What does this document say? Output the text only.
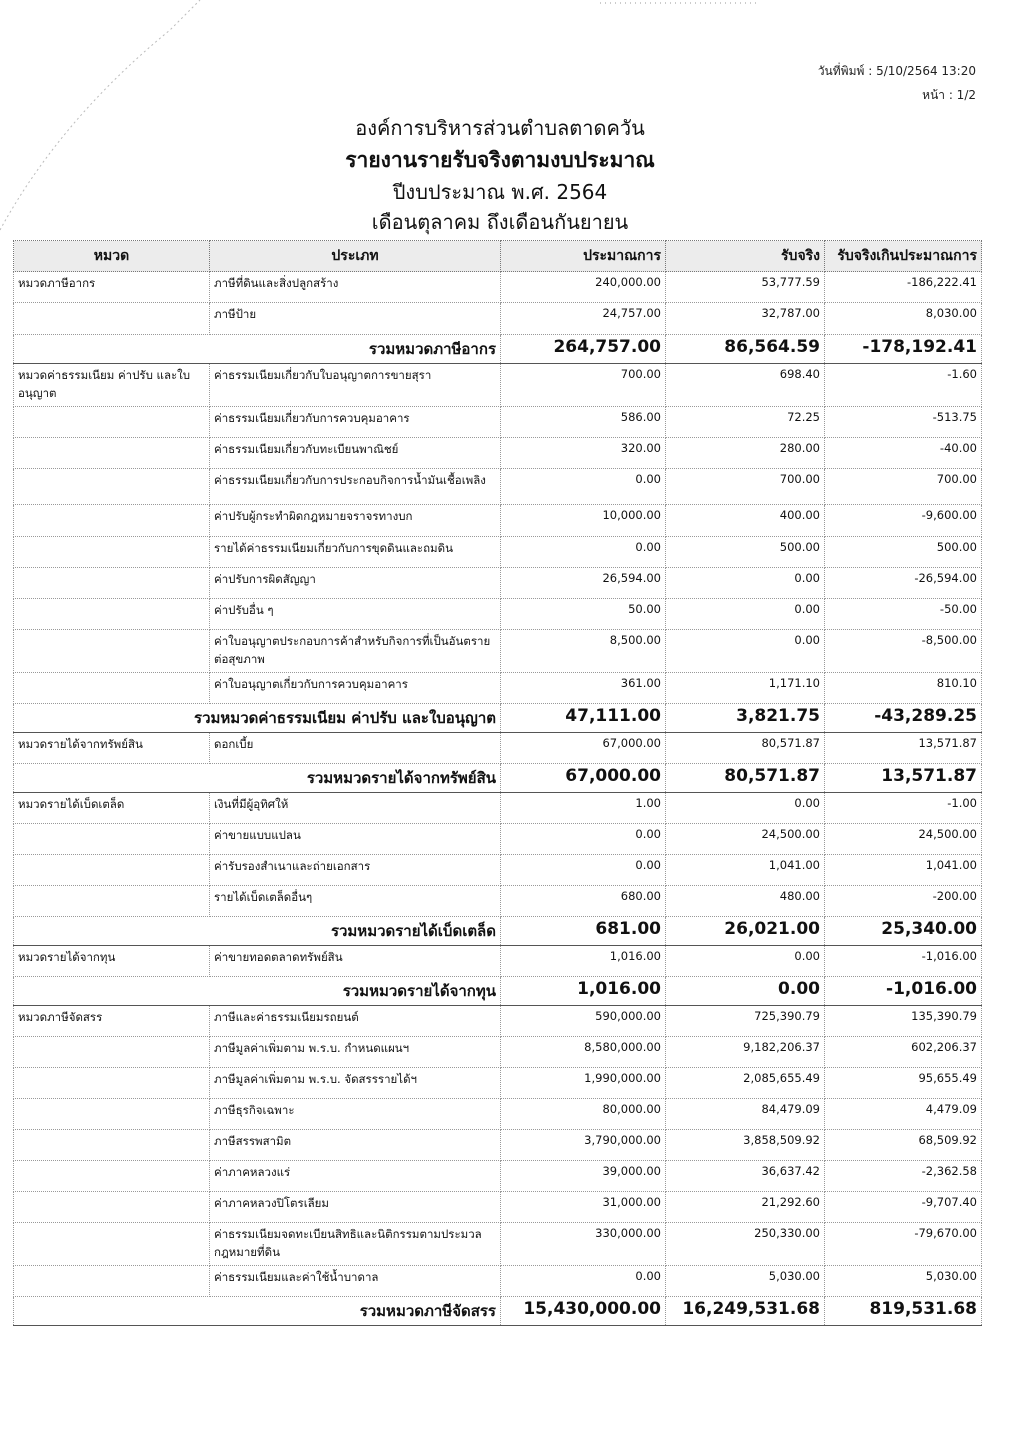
วันที่พิมพ์ : 5/10/2564 13:20
หน้า : 1/2
องค์การบริหารส่วนตำบลตาดควัน
รายงานรายรับจริงตามงบประมาณ
ปีงบประมาณ พ.ศ. 2564
เดือนตุลาคม ถึงเดือนกันยายน
หมวด	ประเภท	ประมาณการ	รับจริง	รับจริงเกินประมาณการ
หมวดภาษีอากร	ภาษีที่ดินและสิ่งปลูกสร้าง	240,000.00	53,777.59	-186,222.41
	ภาษีป้าย	24,757.00	32,787.00	8,030.00
รวมหมวดภาษีอากร		264,757.00	86,564.59	-178,192.41
หมวดค่าธรรมเนียม ค่าปรับ และใบอนุญาต	ค่าธรรมเนียมเกี่ยวกับใบอนุญาตการขายสุรา	700.00	698.40	-1.60
	ค่าธรรมเนียมเกี่ยวกับการควบคุมอาคาร	586.00	72.25	-513.75
	ค่าธรรมเนียมเกี่ยวกับทะเบียนพาณิชย์	320.00	280.00	-40.00
	ค่าธรรมเนียมเกี่ยวกับการประกอบกิจการน้ำมันเชื้อเพลิง	0.00	700.00	700.00
	ค่าปรับผู้กระทำผิดกฎหมายจราจรทางบก	10,000.00	400.00	-9,600.00
	รายได้ค่าธรรมเนียมเกี่ยวกับการขุดดินและถมดิน	0.00	500.00	500.00
	ค่าปรับการผิดสัญญา	26,594.00	0.00	-26,594.00
	ค่าปรับอื่น ๆ	50.00	0.00	-50.00
	ค่าใบอนุญาตประกอบการค้าสำหรับกิจการที่เป็นอันตรายต่อสุขภาพ	8,500.00	0.00	-8,500.00
	ค่าใบอนุญาตเกี่ยวกับการควบคุมอาคาร	361.00	1,171.10	810.10
รวมหมวดค่าธรรมเนียม ค่าปรับ และใบอนุญาต		47,111.00	3,821.75	-43,289.25
หมวดรายได้จากทรัพย์สิน	ดอกเบี้ย	67,000.00	80,571.87	13,571.87
รวมหมวดรายได้จากทรัพย์สิน		67,000.00	80,571.87	13,571.87
หมวดรายได้เบ็ดเตล็ด	เงินที่มีผู้อุทิศให้	1.00	0.00	-1.00
	ค่าขายแบบแปลน	0.00	24,500.00	24,500.00
	ค่ารับรองสำเนาและถ่ายเอกสาร	0.00	1,041.00	1,041.00
	รายได้เบ็ดเตล็ดอื่นๆ	680.00	480.00	-200.00
รวมหมวดรายได้เบ็ดเตล็ด		681.00	26,021.00	25,340.00
หมวดรายได้จากทุน	ค่าขายทอดตลาดทรัพย์สิน	1,016.00	0.00	-1,016.00
รวมหมวดรายได้จากทุน		1,016.00	0.00	-1,016.00
หมวดภาษีจัดสรร	ภาษีและค่าธรรมเนียมรถยนต์	590,000.00	725,390.79	135,390.79
	ภาษีมูลค่าเพิ่มตาม พ.ร.บ. กำหนดแผนฯ	8,580,000.00	9,182,206.37	602,206.37
	ภาษีมูลค่าเพิ่มตาม พ.ร.บ. จัดสรรรายได้ฯ	1,990,000.00	2,085,655.49	95,655.49
	ภาษีธุรกิจเฉพาะ	80,000.00	84,479.09	4,479.09
	ภาษีสรรพสามิต	3,790,000.00	3,858,509.92	68,509.92
	ค่าภาคหลวงแร่	39,000.00	36,637.42	-2,362.58
	ค่าภาคหลวงปิโตรเลียม	31,000.00	21,292.60	-9,707.40
	ค่าธรรมเนียมจดทะเบียนสิทธิและนิติกรรมตามประมวลกฎหมายที่ดิน	330,000.00	250,330.00	-79,670.00
	ค่าธรรมเนียมและค่าใช้น้ำบาดาล	0.00	5,030.00	5,030.00
รวมหมวดภาษีจัดสรร		15,430,000.00	16,249,531.68	819,531.68
